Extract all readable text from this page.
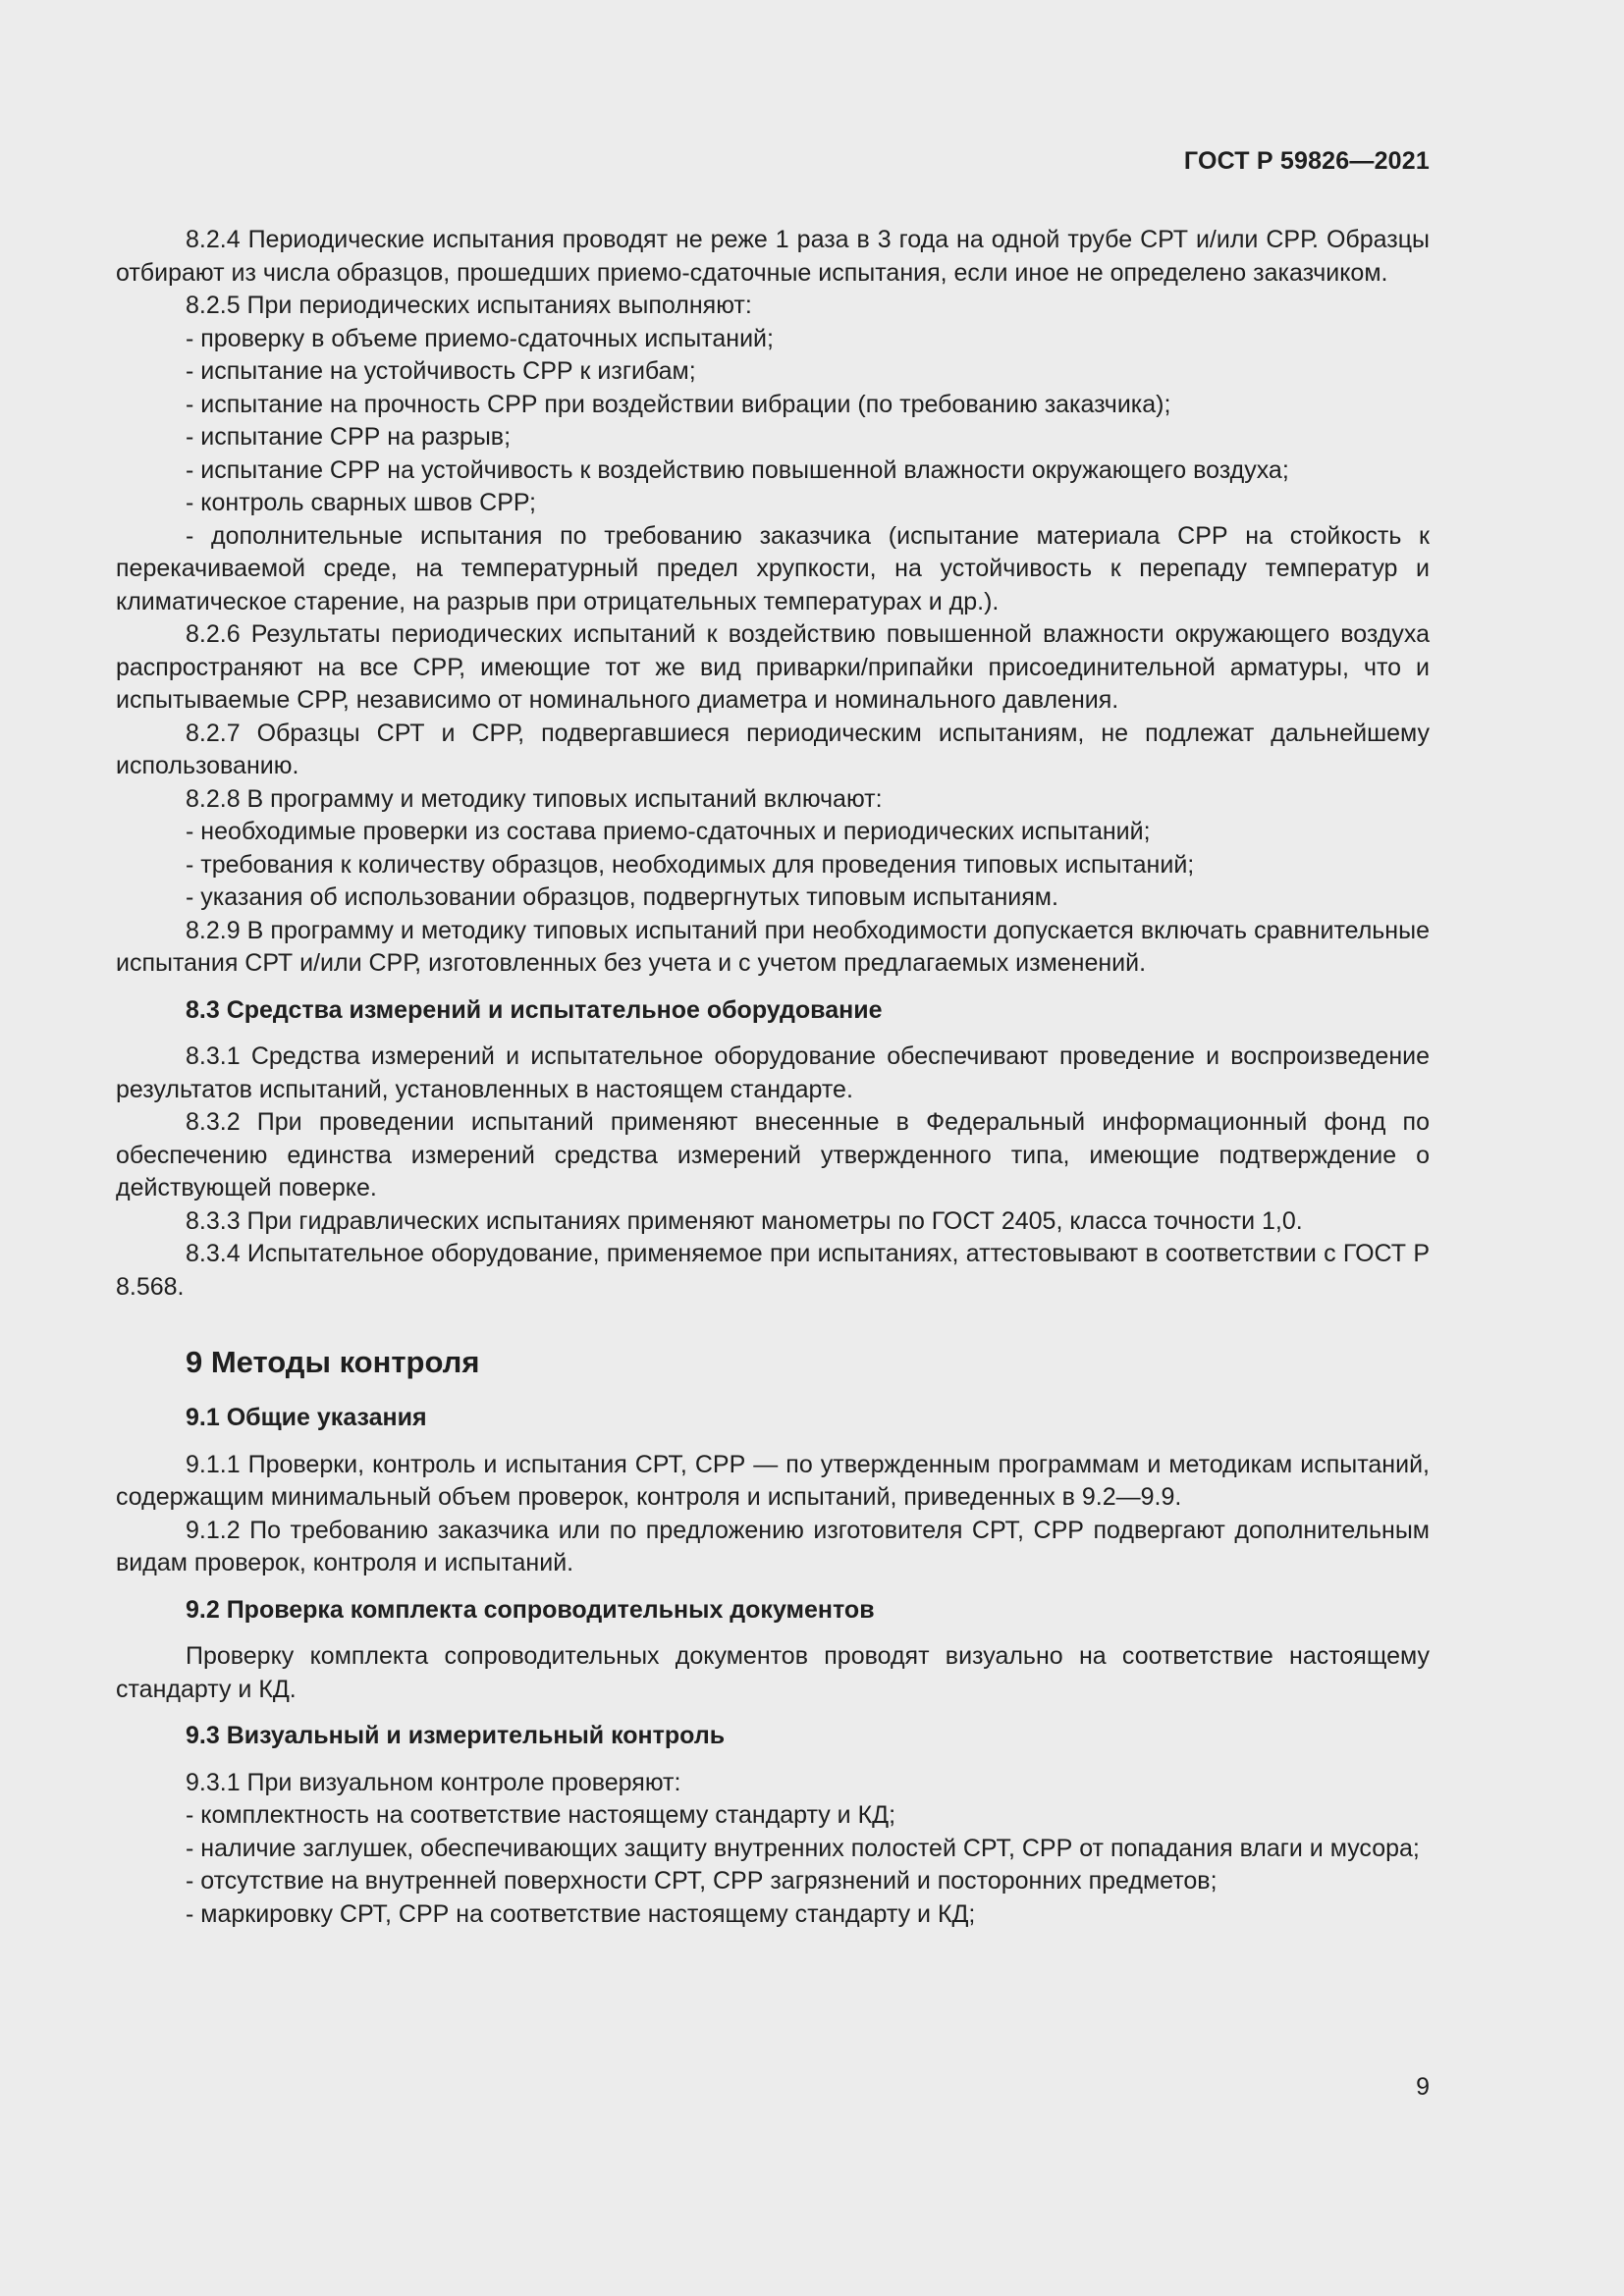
ГОСТ Р 59826—2021

8.2.4 Периодические испытания проводят не реже 1 раза в 3 года на одной трубе СРТ и/или СРР. Образцы отбирают из числа образцов, прошедших приемо-сдаточные испытания, если иное не определено заказчиком.

8.2.5 При периодических испытаниях выполняют:

- проверку в объеме приемо-сдаточных испытаний;

- испытание на устойчивость СРР к изгибам;

- испытание на прочность СРР при воздействии вибрации (по требованию заказчика);

- испытание СРР на разрыв;

- испытание СРР на устойчивость к воздействию повышенной влажности окружающего воздуха;

- контроль сварных швов СРР;

- дополнительные испытания по требованию заказчика (испытание материала СРР на стойкость к перекачиваемой среде, на температурный предел хрупкости, на устойчивость к перепаду температур и климатическое старение, на разрыв при отрицательных температурах и др.).

8.2.6 Результаты периодических испытаний к воздействию повышенной влажности окружающего воздуха распространяют на все СРР, имеющие тот же вид приварки/припайки присоединительной арматуры, что и испытываемые СРР, независимо от номинального диаметра и номинального давления.

8.2.7 Образцы СРТ и СРР, подвергавшиеся периодическим испытаниям, не подлежат дальнейшему использованию.

8.2.8 В программу и методику типовых испытаний включают:

- необходимые проверки из состава приемо-сдаточных и периодических испытаний;

- требования к количеству образцов, необходимых для проведения типовых испытаний;

- указания об использовании образцов, подвергнутых типовым испытаниям.

8.2.9 В программу и методику типовых испытаний при необходимости допускается включать сравнительные испытания СРТ и/или СРР, изготовленных без учета и с учетом предлагаемых изменений.

8.3 Средства измерений и испытательное оборудование

8.3.1 Средства измерений и испытательное оборудование обеспечивают проведение и воспроизведение результатов испытаний, установленных в настоящем стандарте.

8.3.2 При проведении испытаний применяют внесенные в Федеральный информационный фонд по обеспечению единства измерений средства измерений утвержденного типа, имеющие подтверждение о действующей поверке.

8.3.3 При гидравлических испытаниях применяют манометры по ГОСТ 2405, класса точности 1,0.

8.3.4 Испытательное оборудование, применяемое при испытаниях, аттестовывают в соответствии с ГОСТ Р 8.568.

9 Методы контроля
9.1 Общие указания

9.1.1 Проверки, контроль и испытания СРТ, СРР — по утвержденным программам и методикам испытаний, содержащим минимальный объем проверок, контроля и испытаний, приведенных в 9.2—9.9.

9.1.2 По требованию заказчика или по предложению изготовителя СРТ, СРР подвергают дополнительным видам проверок, контроля и испытаний.

9.2 Проверка комплекта сопроводительных документов

Проверку комплекта сопроводительных документов проводят визуально на соответствие настоящему стандарту и КД.

9.3 Визуальный и измерительный контроль

9.3.1 При визуальном контроле проверяют:

- комплектность на соответствие настоящему стандарту и КД;

- наличие заглушек, обеспечивающих защиту внутренних полостей СРТ, СРР от попадания влаги и мусора;

- отсутствие на внутренней поверхности СРТ, СРР загрязнений и посторонних предметов;

- маркировку СРТ, СРР на соответствие настоящему стандарту и КД;

9
